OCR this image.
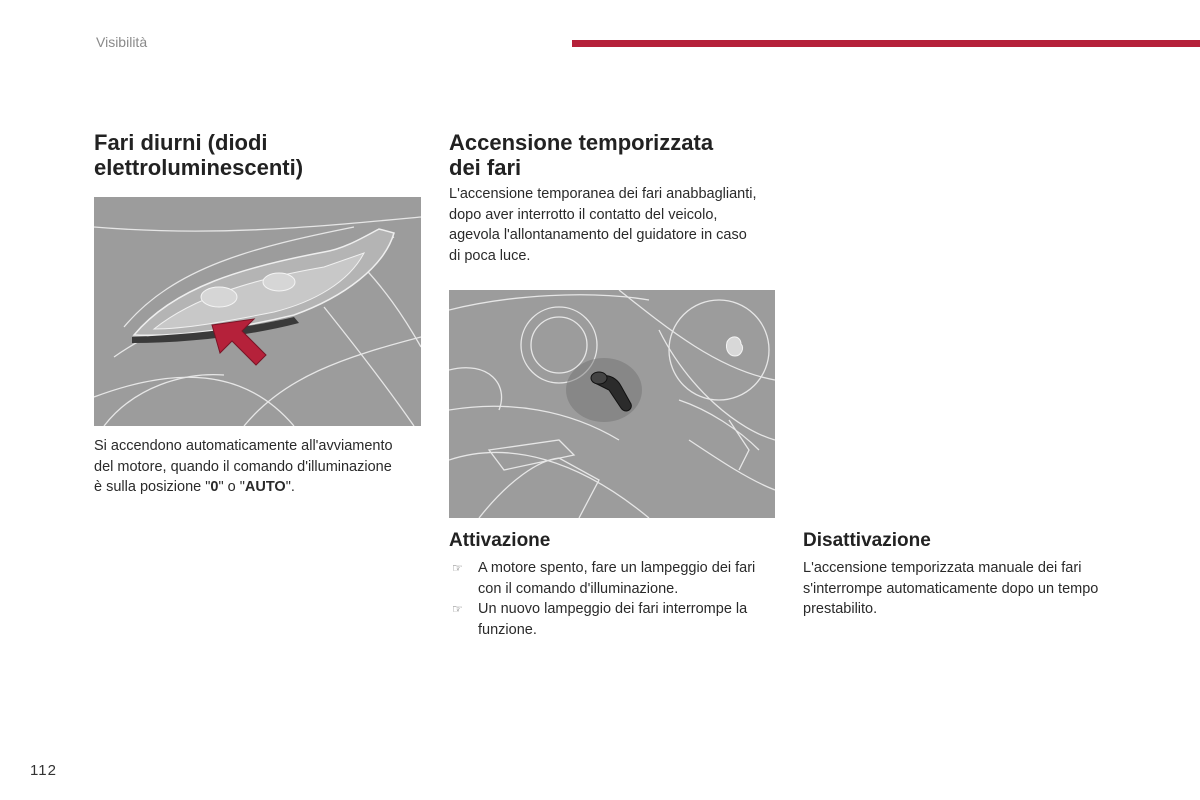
Visibilità
Fari diurni (diodi
elettroluminescenti)

Si accendono automaticamente all'avviamento

del motore, quando il comando d'illuminazione

è sulla posizione "0" o "AUTO".

Accensione temporizzata
dei fari

L'accensione temporanea dei fari anabbaglianti,

dopo aver interrotto il contatto del veicolo,

agevola l'allontanamento del guidatore in caso

di poca luce.

Attivazione
☞ A motore spento, fare un lampeggio dei fari
con il comando d'illuminazione.
☞ Un nuovo lampeggio dei fari interrompe la
funzione.
Disattivazione

L'accensione temporizzata manuale dei fari

s'interrompe automaticamente dopo un tempo

prestabilito.

112
